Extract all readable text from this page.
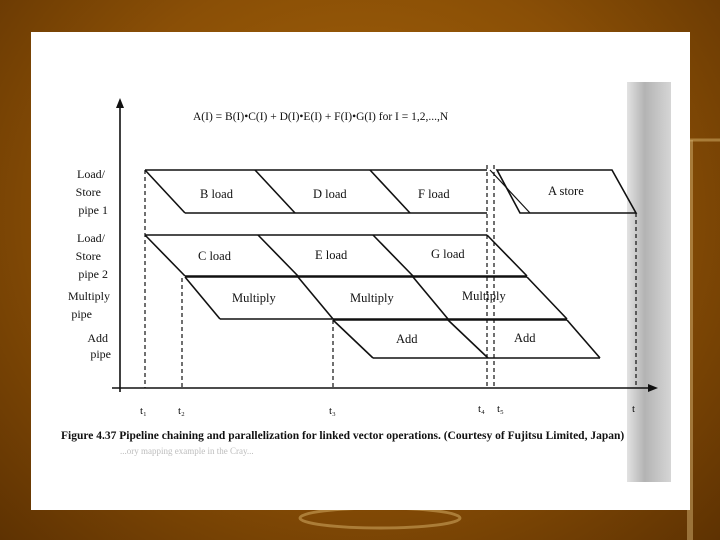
A(I) = B(I)•C(I) + D(I)•E(I) + F(I)•G(I) for I = 1,2,...,N
Load/ Store pipe 1
Load/ Store pipe 2
Multiply pipe
Add pipe
B load	D load	F load	A store
C load	E load	G load
Multiply	Multiply	Multiply
Add	Add
t₁	t₂	t₃	t₄ t₅	t
Figure 4.37 Pipeline chaining and parallelization for linked vector operations. (Courtesy of Fujitsu Limited, Japan)
...ory mapping example in the Cray...
